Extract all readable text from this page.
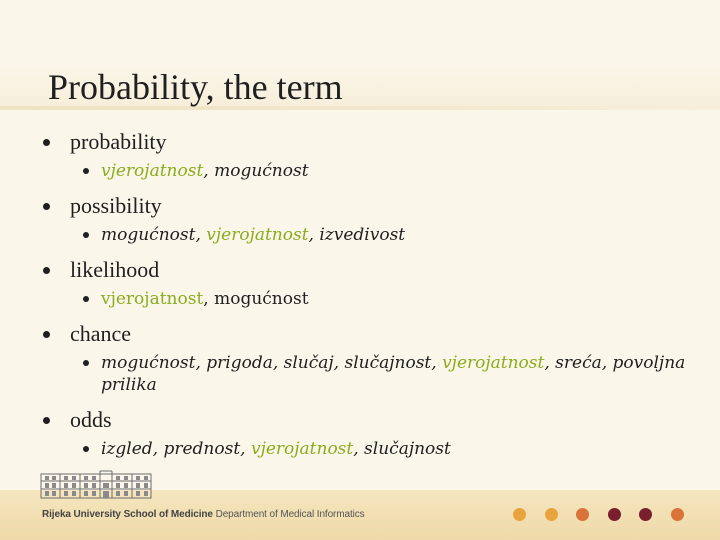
Probability, the term
probability
vjerojatnost, mogućnost
possibility
mogućnost, vjerojatnost, izvedivost
likelihood
vjerojatnost, mogućnost
chance
mogućnost, prigoda, slučaj, slučajnost, vjerojatnost, sreća, povoljna prilika
odds
izgled, prednost, vjerojatnost, slučajnost
Rijeka University School of Medicine Department of Medical Informatics
